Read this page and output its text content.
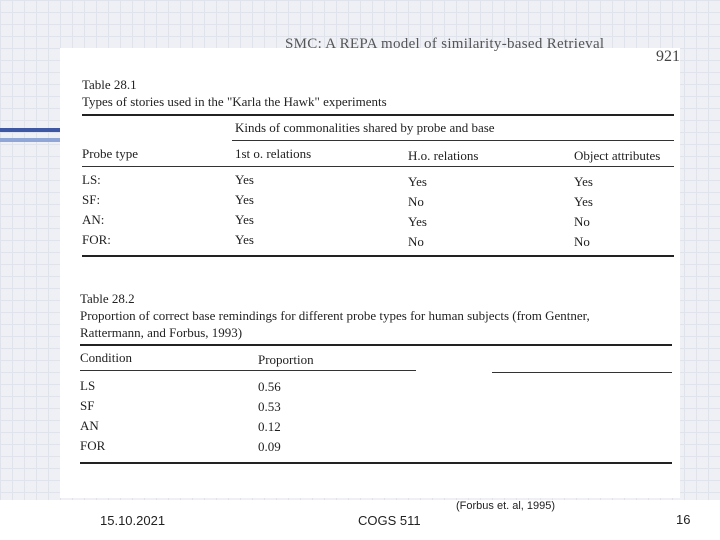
SMC: A REPA model of similarity-based Retrieval
921
Table 28.1
Types of stories used in the "Karla the Hawk" experiments
Kinds of commonalities shared by probe and base
Probe type	1st o. relations	H.o. relations	Object attributes
LS:	Yes	Yes	Yes
SF:	Yes	No	Yes
AN:	Yes	Yes	No
FOR:	Yes	No	No
Table 28.2
Proportion of correct base remindings for different probe types for human subjects (from Gentner,
Rattermann, and Forbus, 1993)
Condition	Proportion
LS	0.56
SF	0.53
AN	0.12
FOR	0.09
(Forbus et. al, 1995)
15.10.2021	COGS 511	16
